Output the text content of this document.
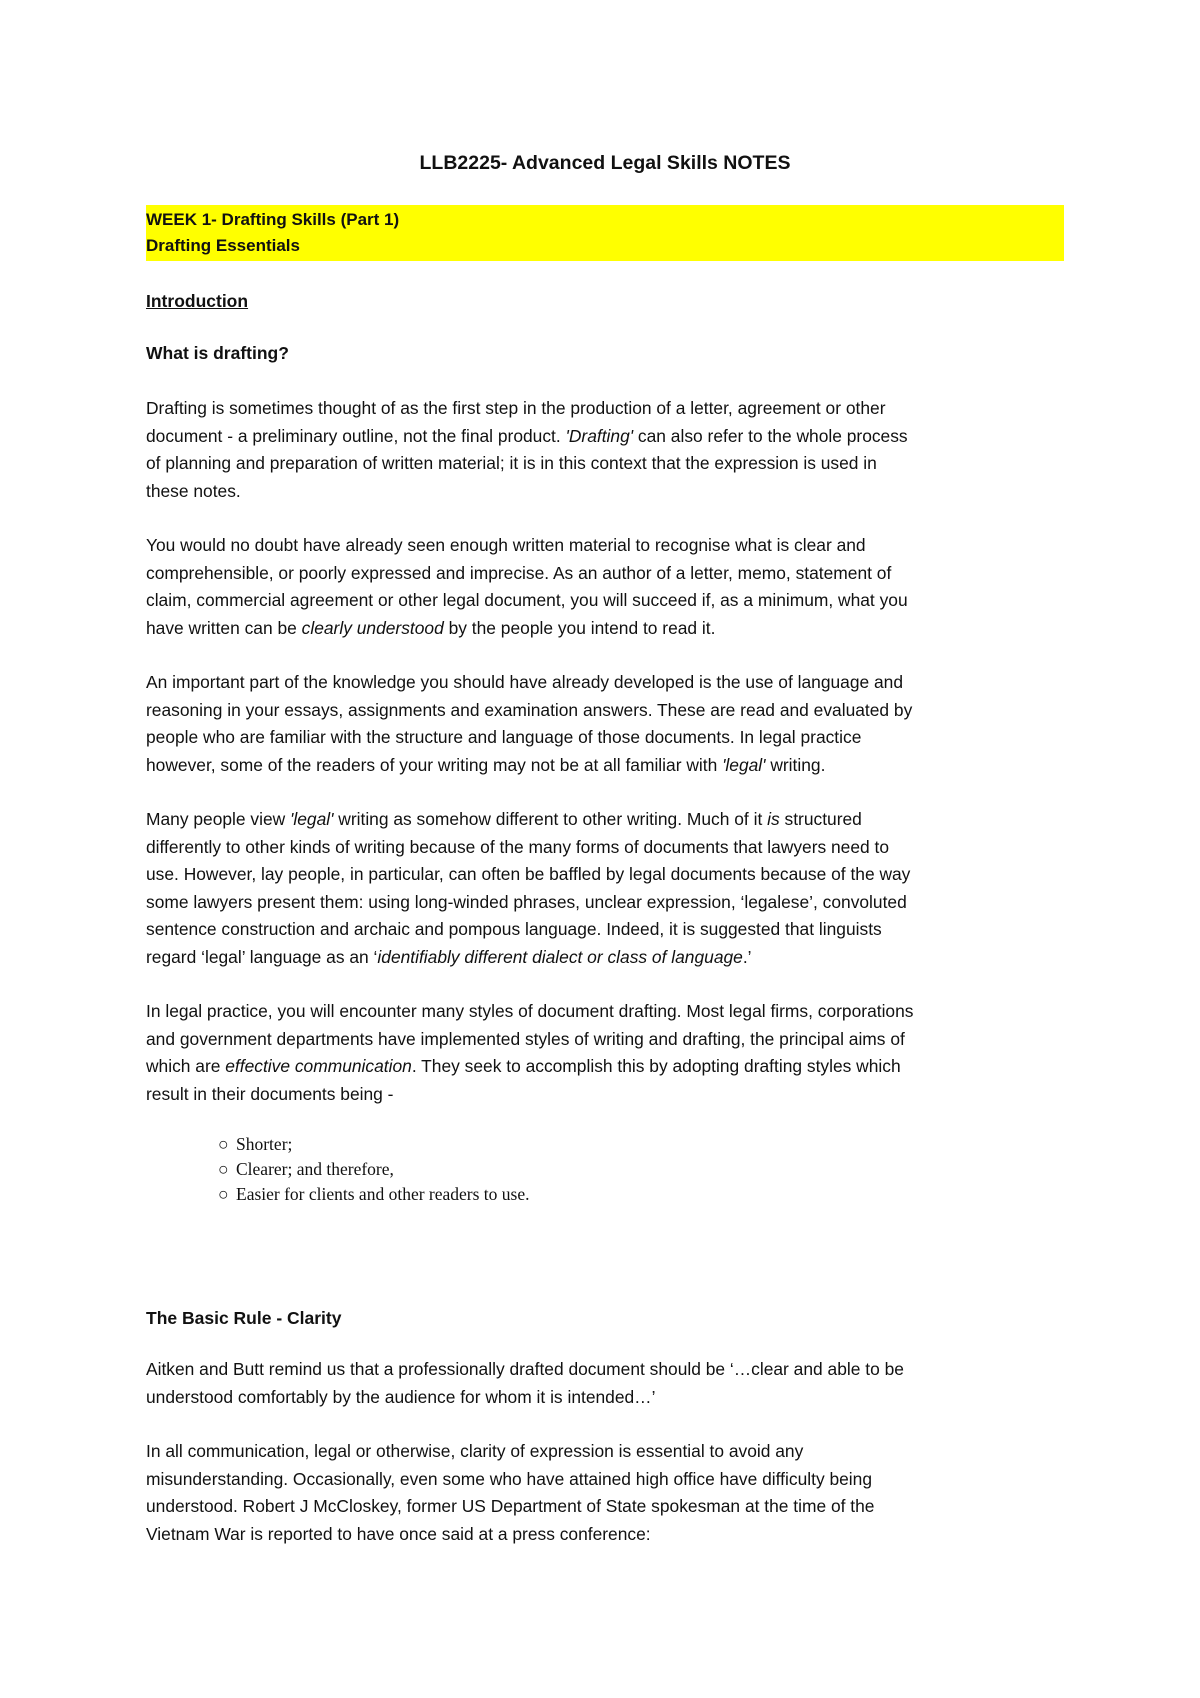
LLB2225- Advanced Legal Skills NOTES
WEEK 1- Drafting Skills (Part 1)
Drafting Essentials
Introduction
What is drafting?
Drafting is sometimes thought of as the first step in the production of a letter, agreement or other
document - a preliminary outline, not the final product. 'Drafting' can also refer to the whole process
of planning and preparation of written material; it is in this context that the expression is used in
these notes.
You would no doubt have already seen enough written material to recognise what is clear and
comprehensible, or poorly expressed and imprecise. As an author of a letter, memo, statement of
claim, commercial agreement or other legal document, you will succeed if, as a minimum, what you
have written can be clearly understood by the people you intend to read it.
An important part of the knowledge you should have already developed is the use of language and
reasoning in your essays, assignments and examination answers. These are read and evaluated by
people who are familiar with the structure and language of those documents. In legal practice
however, some of the readers of your writing may not be at all familiar with 'legal' writing.
Many people view 'legal' writing as somehow different to other writing. Much of it is structured
differently to other kinds of writing because of the many forms of documents that lawyers need to
use. However, lay people, in particular, can often be baffled by legal documents because of the way
some lawyers present them: using long-winded phrases, unclear expression, ‘legalese’, convoluted
sentence construction and archaic and pompous language. Indeed, it is suggested that linguists
regard ‘legal’ language as an ‘identifiably different dialect or class of language.’
In legal practice, you will encounter many styles of document drafting. Most legal firms, corporations
and government departments have implemented styles of writing and drafting, the principal aims of
which are effective communication. They seek to accomplish this by adopting drafting styles which
result in their documents being -
○ Shorter;
○ Clearer; and therefore,
○ Easier for clients and other readers to use.
The Basic Rule - Clarity
Aitken and Butt remind us that a professionally drafted document should be ‘…clear and able to be
understood comfortably by the audience for whom it is intended…’
In all communication, legal or otherwise, clarity of expression is essential to avoid any
misunderstanding. Occasionally, even some who have attained high office have difficulty being
understood. Robert J McCloskey, former US Department of State spokesman at the time of the
Vietnam War is reported to have once said at a press conference:
